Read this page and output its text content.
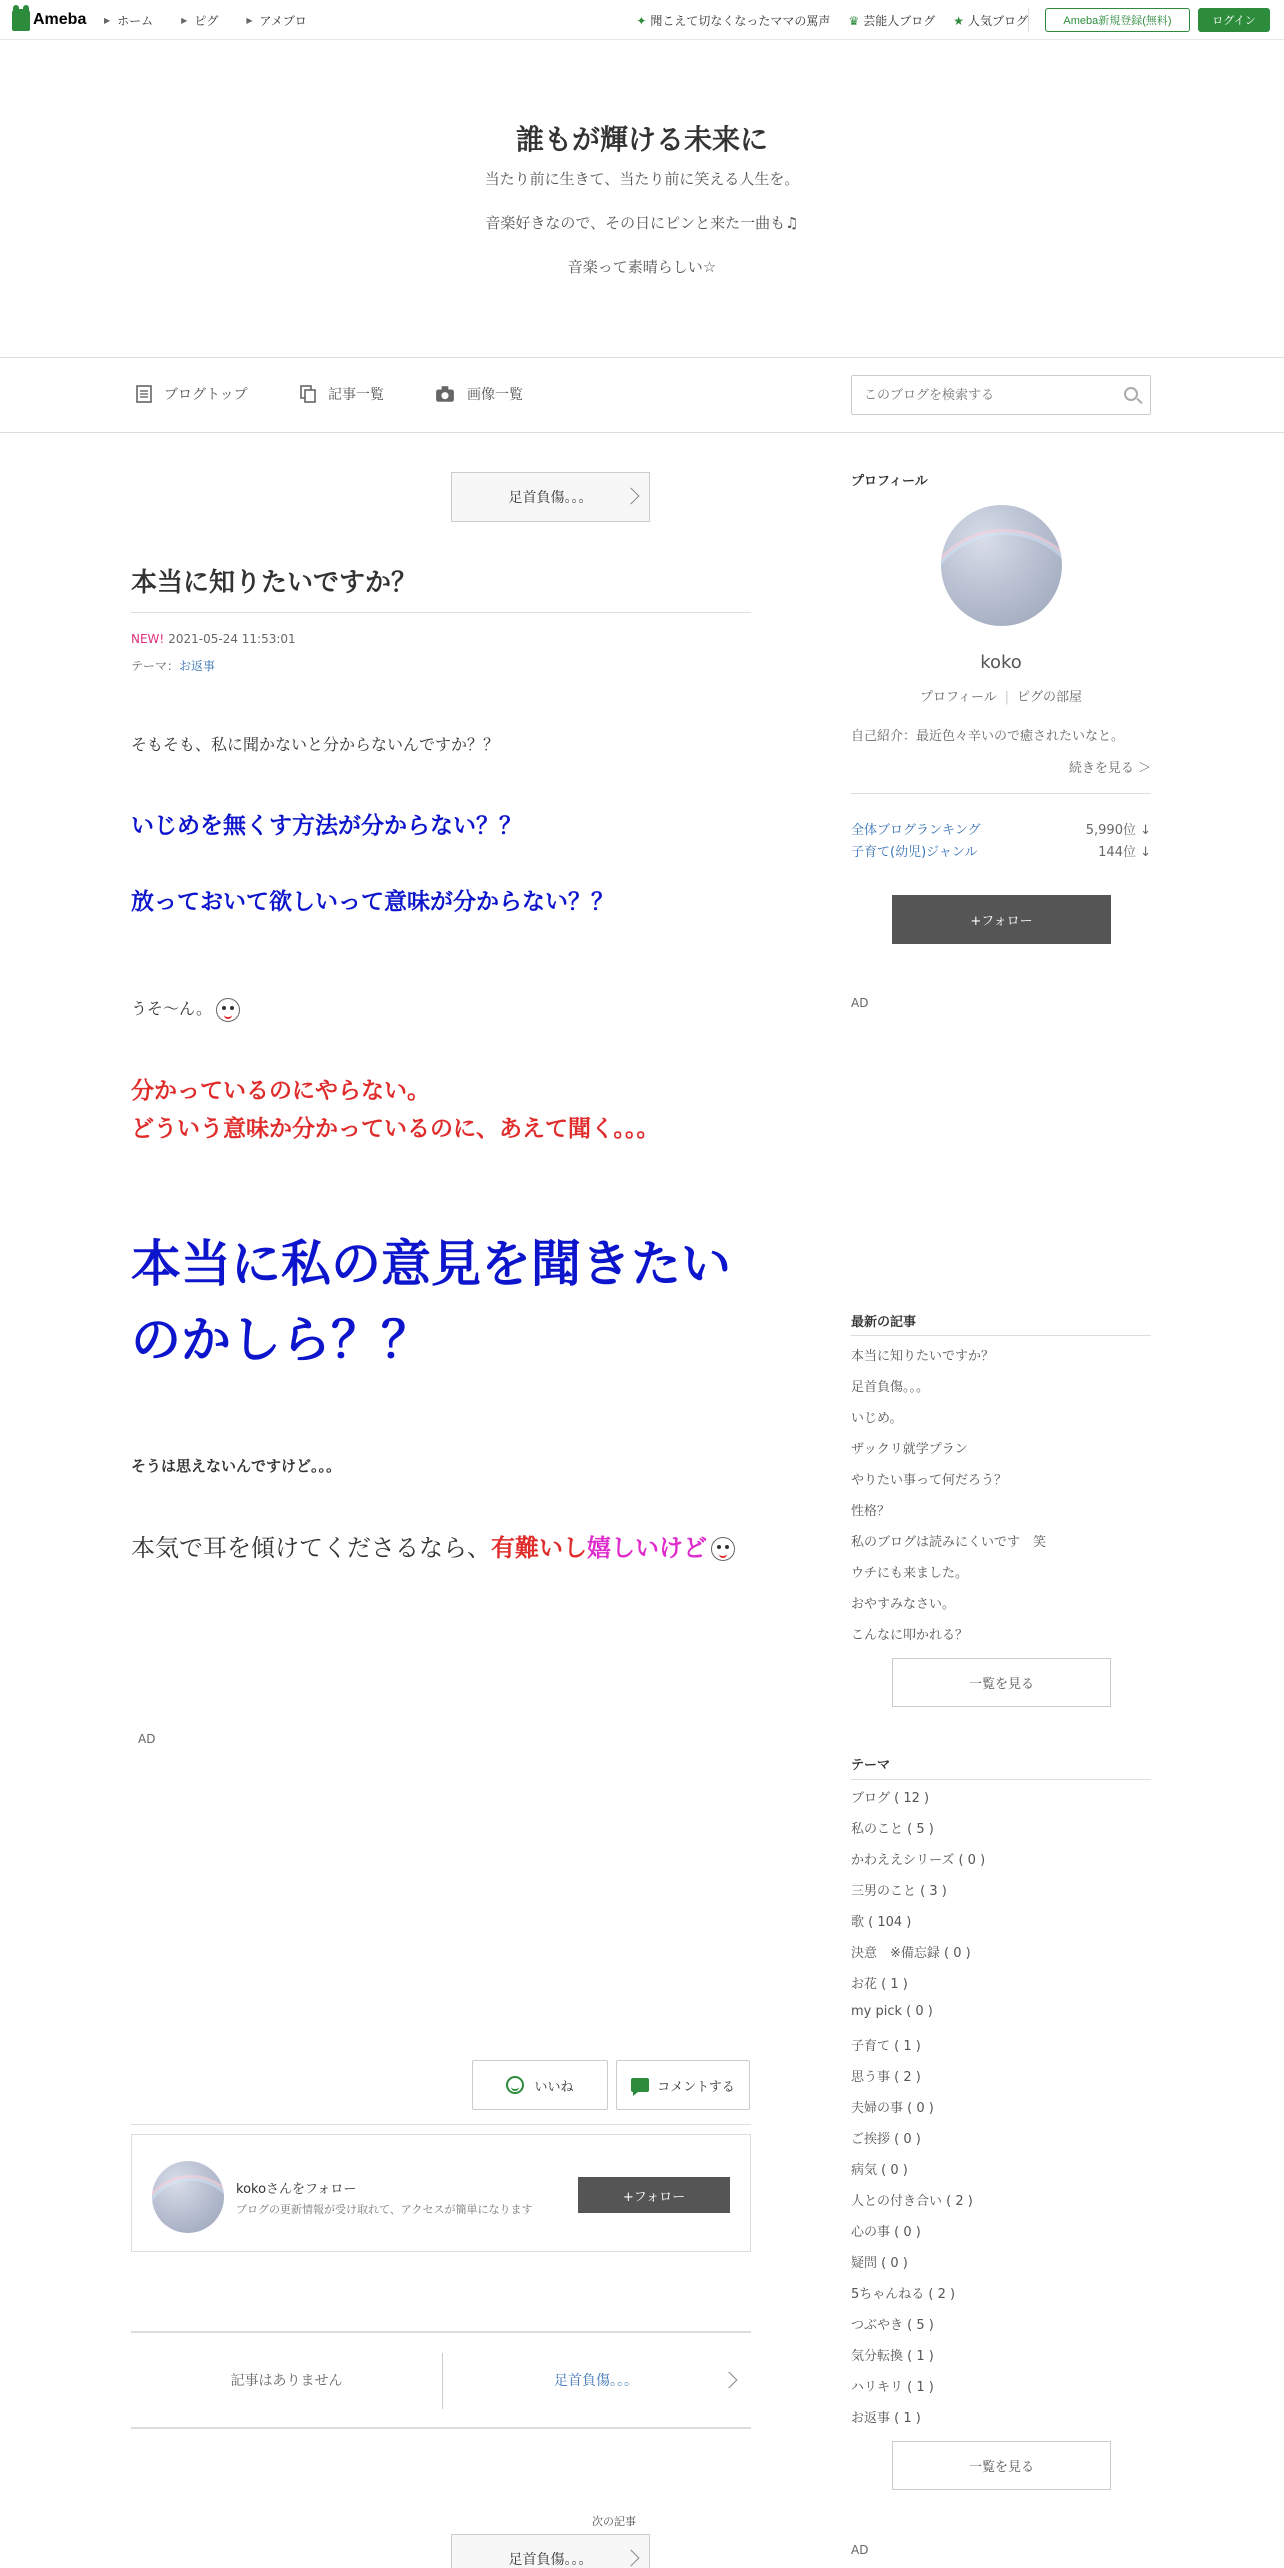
Ameba ▶ ホーム	▶ ピグ	▶ アメブロ	✦ 聞こえて切なくなったママの罵声 ♛ 芸能人ブログ ★ 人気ブログ	Ameba新規登録(無料)	ログイン
誰もが輝ける未来に
当たり前に生きて、当たり前に笑える人生を。
音楽好きなので、その日にピンと来た一曲も♫
音楽って素晴らしい☆
ブログトップ	記事一覧	画像一覧
このブログを検索する
足首負傷。。。
本当に知りたいですか？
NEW! 2021-05-24 11:53:01
テーマ：お返事
そもそも、私に聞かないと分からないんですか？？
いじめを無くす方法が分からない？？
放っておいて欲しいって意味が分からない？？
うそ〜ん。
分かっているのにやらない。
どういう意味か分かっているのに、あえて聞く。。。
本当に私の意見を聞きたいのかしら？？
そうは思えないんですけど。。。
本気で耳を傾けてくださるなら、有難いし嬉しいけど
AD
いいね	コメントする
kokoさんをフォロー
ブログの更新情報が受け取れて、アクセスが簡単になります
+フォロー
記事はありません	足首負傷。。。
次の記事
足首負傷。。。
プロフィール
koko
プロフィール | ピグの部屋
自己紹介：最近色々辛いので癒されたいなと。
続きを見る ＞
全体ブログランキング	5,990位 ↓
子育て(幼児)ジャンル	144位 ↓
+フォロー
AD
最新の記事
本当に知りたいですか？
足首負傷。。。
いじめ。
ザックリ就学プラン
やりたい事って何だろう？
性格？
私のブログは読みにくいです　笑
ウチにも来ました。
おやすみなさい。
こんなに叩かれる？
一覧を見る
テーマ
ブログ ( 12 )
私のこと ( 5 )
かわええシリーズ ( 0 )
三男のこと ( 3 )
歌 ( 104 )
決意　※備忘録 ( 0 )
お花 ( 1 )
my pick ( 0 )
子育て ( 1 )
思う事 ( 2 )
夫婦の事 ( 0 )
ご挨拶 ( 0 )
病気 ( 0 )
人との付き合い ( 2 )
心の事 ( 0 )
疑問 ( 0 )
5ちゃんねる ( 2 )
つぶやき ( 5 )
気分転換 ( 1 )
ハリキリ ( 1 )
お返事 ( 1 )
一覧を見る
AD
